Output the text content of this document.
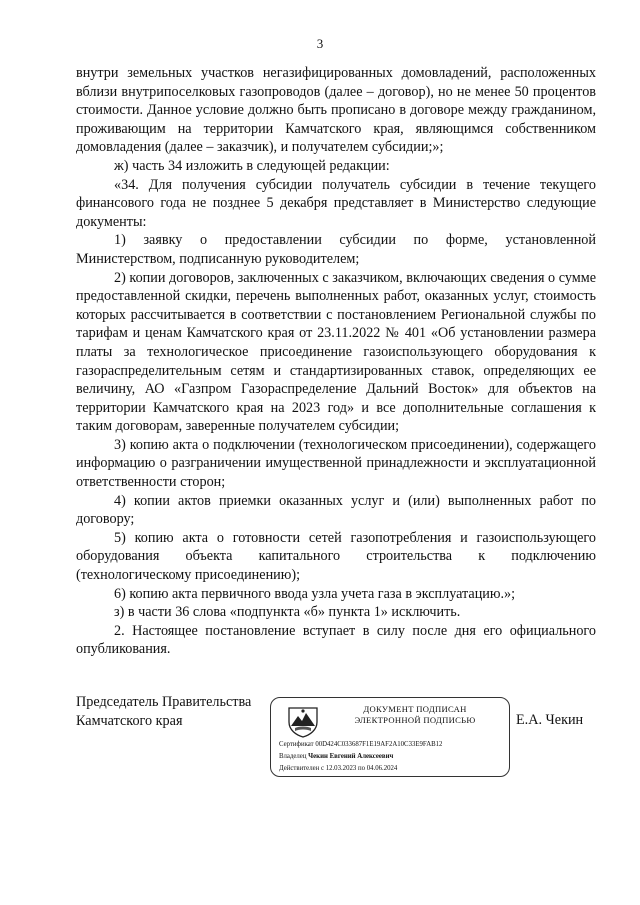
3

внутри земельных участков негазифицированных домовладений, расположенных вблизи внутрипоселковых газопроводов (далее – договор), но не менее 50 процентов стоимости. Данное условие должно быть прописано в договоре между гражданином, проживающим на территории Камчатского края, являющимся собственником домовладения (далее – заказчик), и получателем субсидии;»;

ж) часть 34 изложить в следующей редакции:

«34. Для получения субсидии получатель субсидии в течение текущего финансового года не позднее 5 декабря представляет в Министерство следующие документы:

1) заявку о предоставлении субсидии по форме, установленной Министерством, подписанную руководителем;

2) копии договоров, заключенных с заказчиком, включающих сведения о сумме предоставленной скидки, перечень выполненных работ, оказанных услуг, стоимость которых рассчитывается в соответствии с постановлением Региональной службы по тарифам и ценам Камчатского края от 23.11.2022 № 401 «Об установлении размера платы за технологическое присоединение газоиспользующего оборудования к газораспределительным сетям и стандартизированных ставок, определяющих ее величину, АО «Газпром Газораспределение Дальний Восток» для объектов на территории Камчатского края на 2023 год» и все дополнительные соглашения к таким договорам, заверенные получателем субсидии;

3) копию акта о подключении (технологическом присоединении), содержащего информацию о разграничении имущественной принадлежности и эксплуатационной ответственности сторон;

4) копии актов приемки оказанных услуг и (или) выполненных работ по договору;

5) копию акта о готовности сетей газопотребления и газоиспользующего оборудования объекта капитального строительства к подключению (технологическому присоединению);

6) копию акта первичного ввода узла учета газа в эксплуатацию.»;

з) в части 36 слова «подпункта «б» пункта 1» исключить.

2. Настоящее постановление вступает в силу после дня его официального опубликования.

Председатель Правительства
Камчатского края
ДОКУМЕНТ ПОДПИСАН
ЭЛЕКТРОННОЙ ПОДПИСЬЮ
Сертификат 00D424C033687F1E19AF2A10C33E9FAB12
Владелец Чекин Евгений Алексеевич
Действителен с 12.03.2023 по 04.06.2024
Е.А. Чекин
